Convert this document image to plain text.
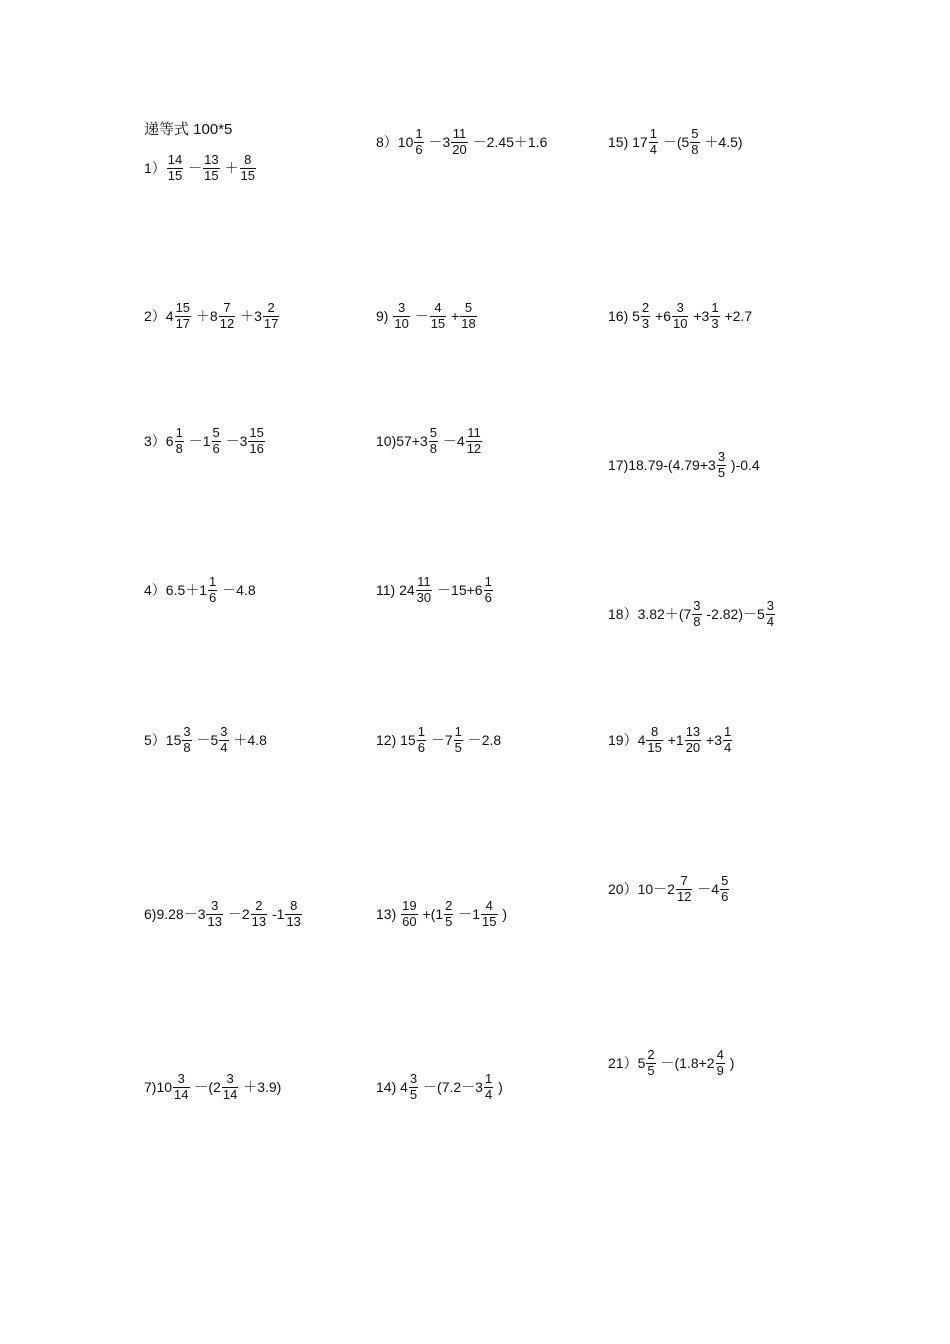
递等式 100*5
$1) \frac{14}{15} - \frac{13}{15} + \frac{8}{15}$
$2)4 \frac{15}{17} +8 \frac{7}{12} +3 \frac{2}{17}$
$3)6 \frac{1}{8} -1 \frac{5}{6} -3 \frac{15}{16}$
$4)6.5+1 \frac{1}{6} -4.8$
$5)15 \frac{3}{8} -5 \frac{3}{4} +4.8$
$6)9.28-3 \frac{3}{13} -2 \frac{2}{13} -1 \frac{8}{13}$
$7)10 \frac{3}{14} -(2 \frac{3}{14} +3.9)$
$8)10 \frac{1}{6} -3 \frac{11}{20} -2.45+1.6$
$9) \frac{3}{10} - \frac{4}{15} + \frac{5}{18}$
$10)57+3 \frac{5}{8} -4 \frac{11}{12}$
11) $24 \frac{11}{30} -15+6 \frac{1}{6}$
12) $15 \frac{1}{6} -7 \frac{1}{5} -2.8$
$13) \frac{19}{60} +(1 \frac{2}{5} -1 \frac{4}{15}$ )
14) $4 \frac{3}{5} -(7.2-3 \frac{1}{4}$ )
15) $17 \frac{1}{4} -(5 \frac{5}{8} +4.5)$
16) $5 \frac{2}{3} +6 \frac{3}{10} +3 \frac{1}{3} +2.7$
$17)18.79-(4.79+3 \frac{3}{5} )-0.4$
$18)3.82+(7 \frac{3}{8} -2.82)-5 \frac{3}{4}$
$19)4 \frac{8}{15} +1 \frac{13}{20} +3 \frac{1}{4}$
$20)10-2 \frac{7}{12} -4 \frac{5}{6}$
$21)5 \frac{2}{5} -(1.8+2 \frac{4}{9}$ )
